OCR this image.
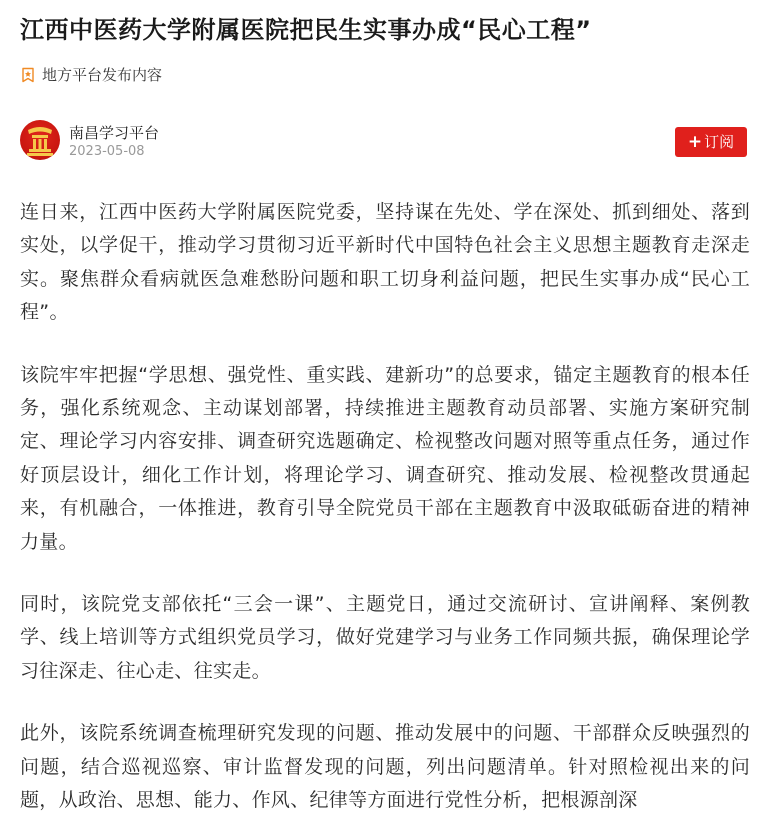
江西中医药大学附属医院把民生实事办成“民心工程”
地方平台发布内容
南昌学习平台
2023-05-08	+ 订阅

连日来，江西中医药大学附属医院党委，坚持谋在先处、学在深处、抓到细处、落到实处，以学促干，推动学习贯彻习近平新时代中国特色社会主义思想主题教育走深走实。聚焦群众看病就医急难愁盼问题和职工切身利益问题，把民生实事办成“民心工程”。

该院牢牢把握“学思想、强党性、重实践、建新功”的总要求，锚定主题教育的根本任务，强化系统观念、主动谋划部署，持续推进主题教育动员部署、实施方案研究制定、理论学习内容安排、调查研究选题确定、检视整改问题对照等重点任务，通过作好顶层设计，细化工作计划，将理论学习、调查研究、推动发展、检视整改贯通起来，有机融合，一体推进，教育引导全院党员干部在主题教育中汲取砥砺奋进的精神力量。

同时，该院党支部依托“三会一课”、主题党日，通过交流研讨、宣讲阐释、案例教学、线上培训等方式组织党员学习，做好党建学习与业务工作同频共振，确保理论学习往深走、往心走、往实走。

此外，该院系统调查梳理研究发现的问题、推动发展中的问题、干部群众反映强烈的问题，结合巡视巡察、审计监督发现的问题，列出问题清单。针对照检视出来的问题，从政治、思想、能力、作风、纪律等方面进行党性分析，把根源剖深
